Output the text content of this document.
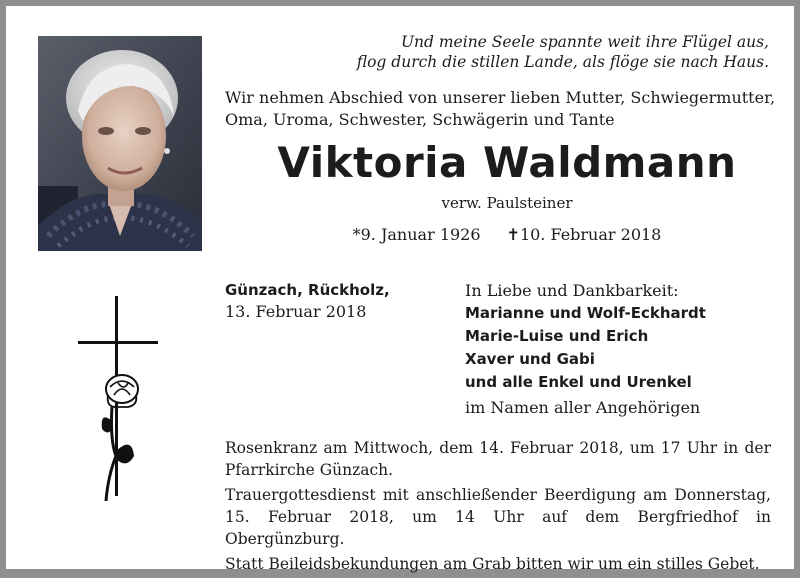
Und meine Seele spannte weit ihre Flügel aus,
flog durch die stillen Lande, als flöge sie nach Haus.
Wir nehmen Abschied von unserer lieben Mutter, Schwiegermutter,
Oma, Uroma, Schwester, Schwägerin und Tante
Viktoria Waldmann
verw. Paulsteiner
*9. Januar 1926 ✝10. Februar 2018
Günzach, Rückholz,
13. Februar 2018
In Liebe und Dankbarkeit:
Marianne und Wolf-Eckhardt
Marie-Luise und Erich
Xaver und Gabi
und alle Enkel und Urenkel
im Namen aller Angehörigen

Rosenkranz am Mittwoch, dem 14. Februar 2018, um 17 Uhr in der
Pfarrkirche Günzach.

Trauergottesdienst mit anschließender Beerdigung am Donnerstag,
15. Februar 2018, um 14 Uhr auf dem Bergfriedhof in Obergünzburg.

Statt Beileidsbekundungen am Grab bitten wir um ein stilles Gebet.
